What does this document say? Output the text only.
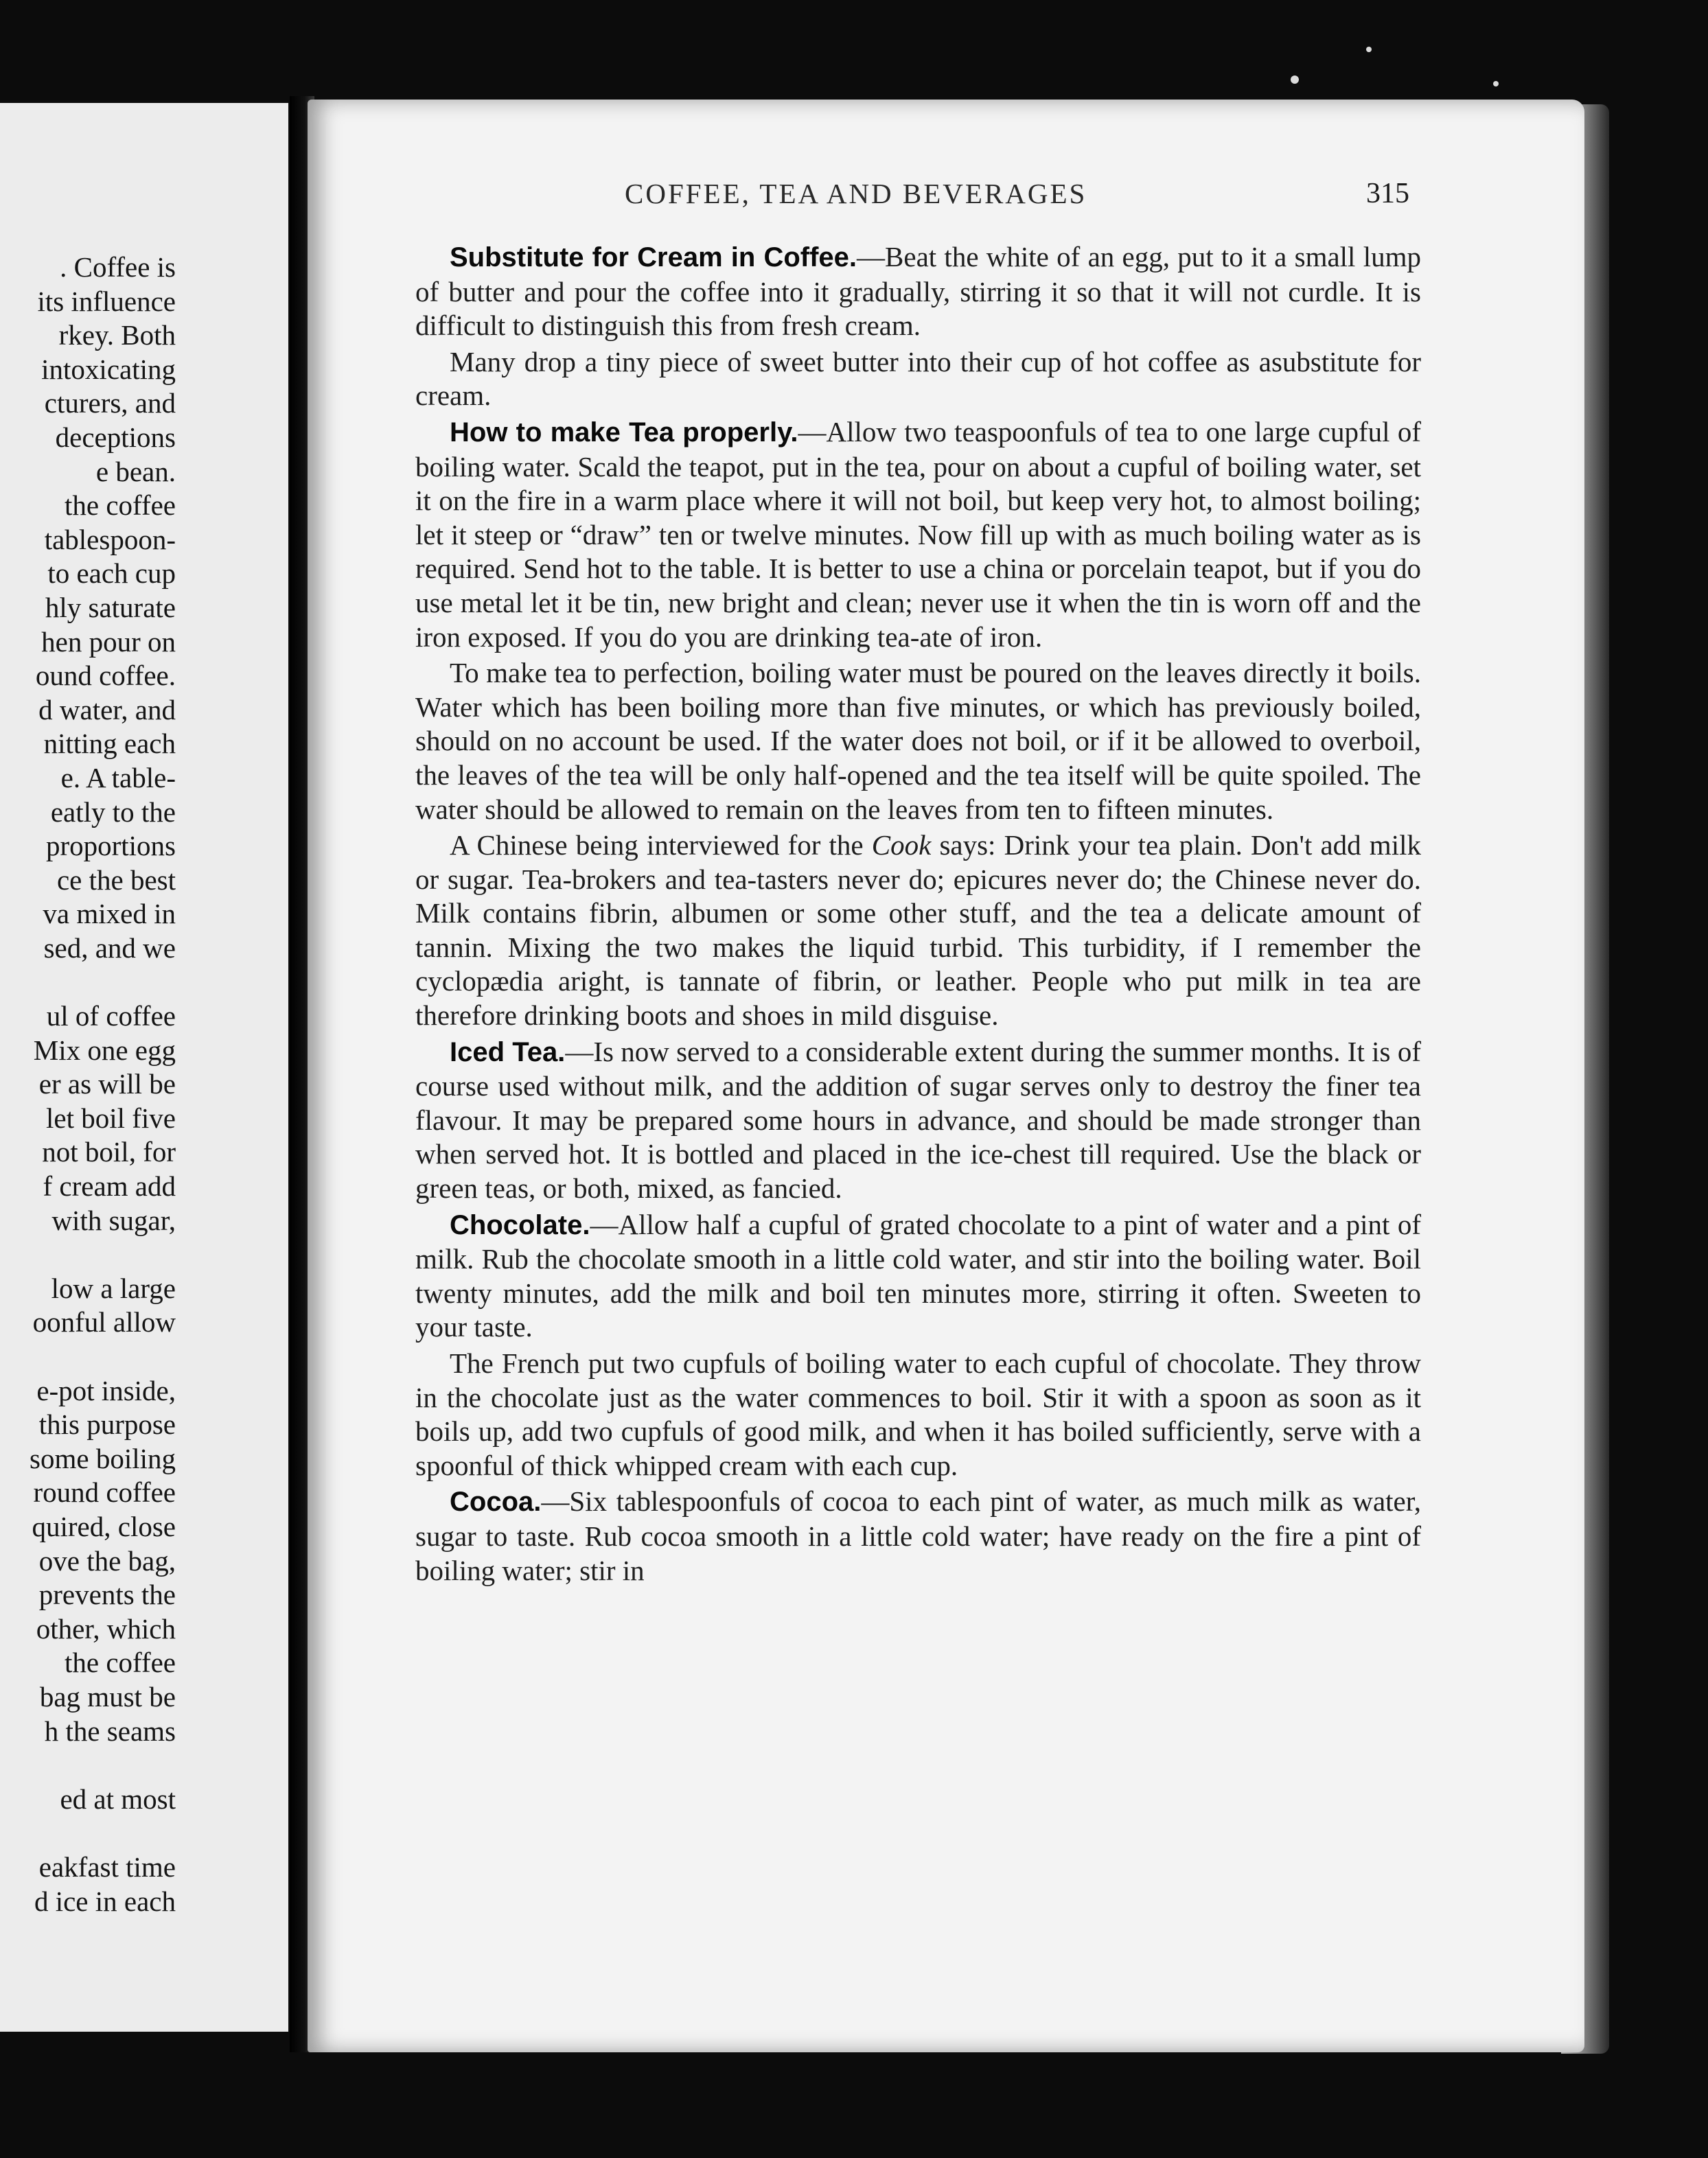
. Coffee is
its influence
rkey. Both
intoxicating
cturers, and
deceptions
e bean.
the coffee
tablespoon-
to each cup
hly saturate
hen pour on
ound coffee.
d water, and
nitting each
e. A table-
eatly to the
proportions
ce the best
va mixed in
sed, and we
ul of coffee
Mix one egg
er as will be
let boil five
not boil, for
f cream add
with sugar,
low a large
oonful allow
e-pot inside,
this purpose
some boiling
round coffee
quired, close
ove the bag,
prevents the
other, which
the coffee
bag must be
h the seams
ed at most
eakfast time
d ice in each
COFFEE, TEA AND BEVERAGES	315

Substitute for Cream in Coffee.—Beat the white of an egg, put to it a small lump of butter and pour the coffee into it gradually, stirring it so that it will not curdle. It is difficult to distinguish this from fresh cream.

Many drop a tiny piece of sweet butter into their cup of hot coffee as asubstitute for cream.

How to make Tea properly.—Allow two teaspoonfuls of tea to one large cupful of boiling water. Scald the teapot, put in the tea, pour on about a cupful of boiling water, set it on the fire in a warm place where it will not boil, but keep very hot, to almost boiling; let it steep or “draw” ten or twelve minutes. Now fill up with as much boiling water as is required. Send hot to the table. It is better to use a china or porcelain teapot, but if you do use metal let it be tin, new bright and clean; never use it when the tin is worn off and the iron exposed. If you do you are drinking tea-ate of iron.

To make tea to perfection, boiling water must be poured on the leaves directly it boils. Water which has been boiling more than five minutes, or which has previously boiled, should on no account be used. If the water does not boil, or if it be allowed to overboil, the leaves of the tea will be only half-opened and the tea itself will be quite spoiled. The water should be allowed to remain on the leaves from ten to fifteen minutes.

A Chinese being interviewed for the Cook says: Drink your tea plain. Don't add milk or sugar. Tea-brokers and tea-tasters never do; epicures never do; the Chinese never do. Milk contains fibrin, albumen or some other stuff, and the tea a delicate amount of tannin. Mixing the two makes the liquid turbid. This turbidity, if I remember the cyclopædia aright, is tannate of fibrin, or leather. People who put milk in tea are therefore drinking boots and shoes in mild disguise.

Iced Tea.—Is now served to a considerable extent during the summer months. It is of course used without milk, and the addition of sugar serves only to destroy the finer tea flavour. It may be prepared some hours in advance, and should be made stronger than when served hot. It is bottled and placed in the ice-chest till required. Use the black or green teas, or both, mixed, as fancied.

Chocolate.—Allow half a cupful of grated chocolate to a pint of water and a pint of milk. Rub the chocolate smooth in a little cold water, and stir into the boiling water. Boil twenty minutes, add the milk and boil ten minutes more, stirring it often. Sweeten to your taste.

The French put two cupfuls of boiling water to each cupful of chocolate. They throw in the chocolate just as the water commences to boil. Stir it with a spoon as soon as it boils up, add two cupfuls of good milk, and when it has boiled sufficiently, serve with a spoonful of thick whipped cream with each cup.

Cocoa.—Six tablespoonfuls of cocoa to each pint of water, as much milk as water, sugar to taste. Rub cocoa smooth in a little cold water; have ready on the fire a pint of boiling water; stir in
